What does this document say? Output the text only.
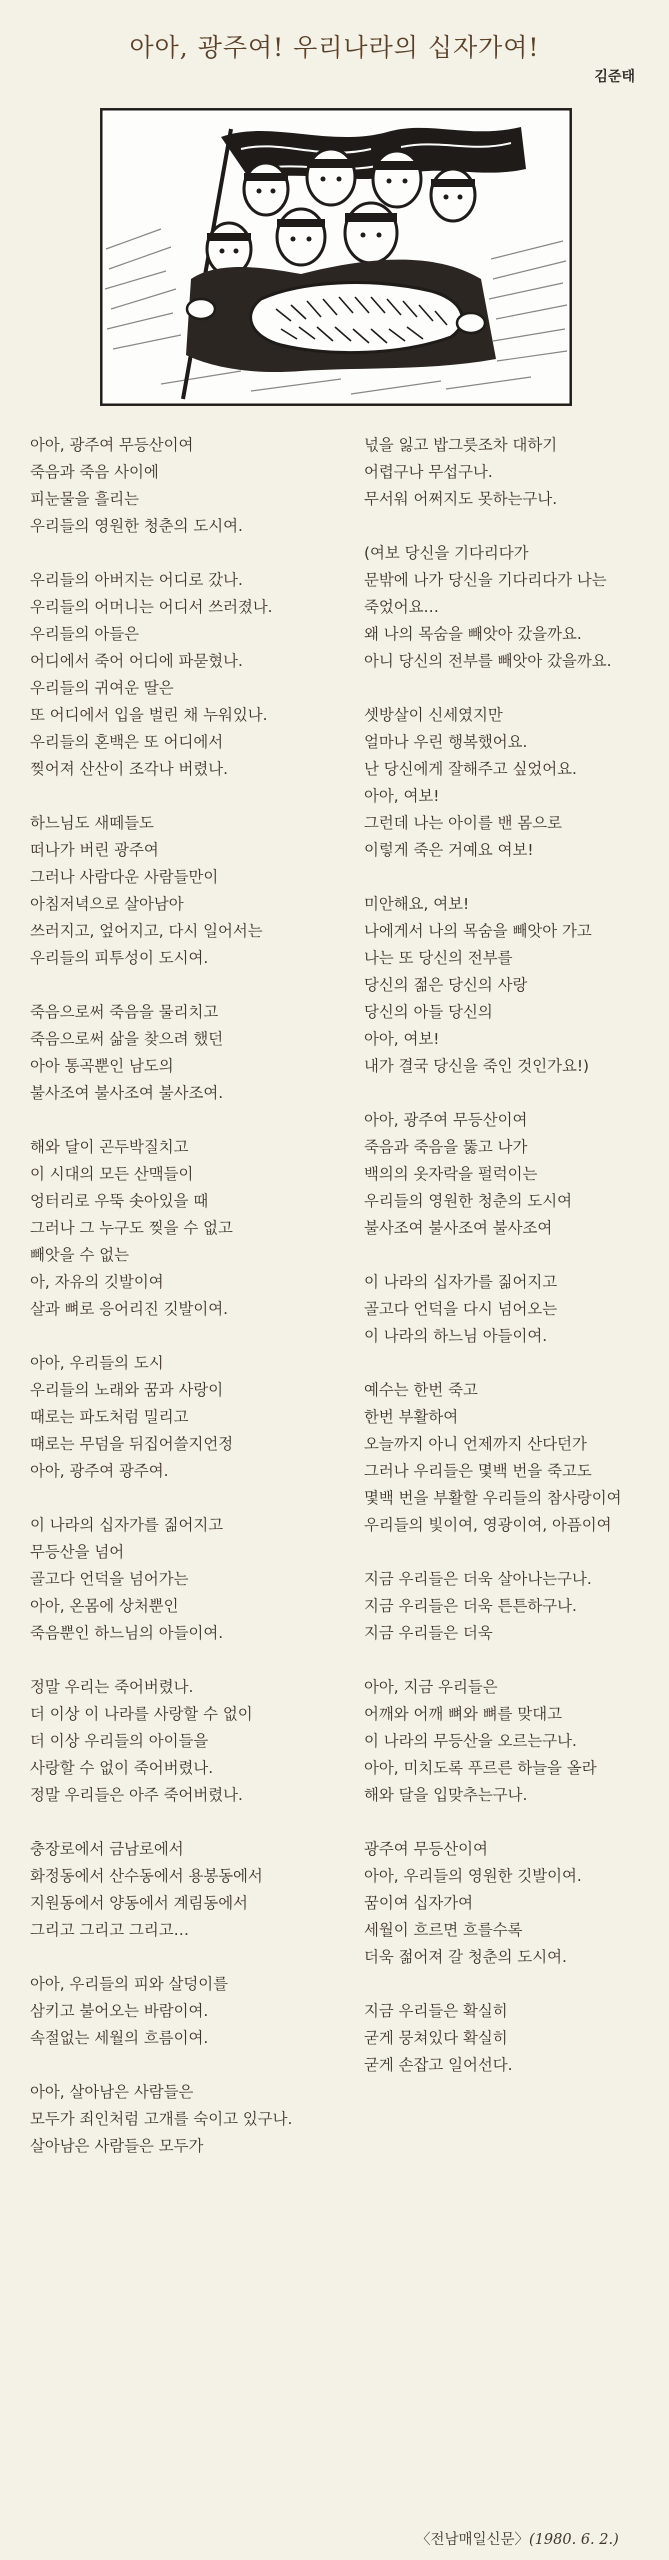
아아, 광주여! 우리나라의 십자가여!
김준태
아아, 광주여 무등산이여
죽음과 죽음 사이에
피눈물을 흘리는
우리들의 영원한 청춘의 도시여.
우리들의 아버지는 어디로 갔나.
우리들의 어머니는 어디서 쓰러졌나.
우리들의 아들은
어디에서 죽어 어디에 파묻혔나.
우리들의 귀여운 딸은
또 어디에서 입을 벌린 채 누워있나.
우리들의 혼백은 또 어디에서
찢어져 산산이 조각나 버렸나.
하느님도 새떼들도
떠나가 버린 광주여
그러나 사람다운 사람들만이
아침저녁으로 살아남아
쓰러지고, 엎어지고, 다시 일어서는
우리들의 피투성이 도시여.
죽음으로써 죽음을 물리치고
죽음으로써 삶을 찾으려 했던
아아 통곡뿐인 남도의
불사조여 불사조여 불사조여.
해와 달이 곤두박질치고
이 시대의 모든 산맥들이
엉터리로 우뚝 솟아있을 때
그러나 그 누구도 찢을 수 없고
빼앗을 수 없는
아, 자유의 깃발이여
살과 뼈로 응어리진 깃발이여.
아아, 우리들의 도시
우리들의 노래와 꿈과 사랑이
때로는 파도처럼 밀리고
때로는 무덤을 뒤집어쓸지언정
아아, 광주여 광주여.
이 나라의 십자가를 짊어지고
무등산을 넘어
골고다 언덕을 넘어가는
아아, 온몸에 상처뿐인
죽음뿐인 하느님의 아들이여.
정말 우리는 죽어버렸나.
더 이상 이 나라를 사랑할 수 없이
더 이상 우리들의 아이들을
사랑할 수 없이 죽어버렸나.
정말 우리들은 아주 죽어버렸나.
충장로에서 금남로에서
화정동에서 산수동에서 용봉동에서
지원동에서 양동에서 계림동에서
그리고 그리고 그리고…
아아, 우리들의 피와 살덩이를
삼키고 불어오는 바람이여.
속절없는 세월의 흐름이여.
아아, 살아남은 사람들은
모두가 죄인처럼 고개를 숙이고 있구나.
살아남은 사람들은 모두가
넋을 잃고 밥그릇조차 대하기
어렵구나 무섭구나.
무서워 어쩌지도 못하는구나.
(여보 당신을 기다리다가
문밖에 나가 당신을 기다리다가 나는
죽었어요…
왜 나의 목숨을 빼앗아 갔을까요.
아니 당신의 전부를 빼앗아 갔을까요.
셋방살이 신세였지만
얼마나 우린 행복했어요.
난 당신에게 잘해주고 싶었어요.
아아, 여보!
그런데 나는 아이를 밴 몸으로
이렇게 죽은 거예요 여보!
미안해요, 여보!
나에게서 나의 목숨을 빼앗아 가고
나는 또 당신의 전부를
당신의 젊은 당신의 사랑
당신의 아들 당신의
아아, 여보!
내가 결국 당신을 죽인 것인가요!)
아아, 광주여 무등산이여
죽음과 죽음을 뚫고 나가
백의의 옷자락을 펄럭이는
우리들의 영원한 청춘의 도시여
불사조여 불사조여 불사조여
이 나라의 십자가를 짊어지고
골고다 언덕을 다시 넘어오는
이 나라의 하느님 아들이여.
예수는 한번 죽고
한번 부활하여
오늘까지 아니 언제까지 산다던가
그러나 우리들은 몇백 번을 죽고도
몇백 번을 부활할 우리들의 참사랑이여
우리들의 빛이여, 영광이여, 아픔이여
지금 우리들은 더욱 살아나는구나.
지금 우리들은 더욱 튼튼하구나.
지금 우리들은 더욱
아아, 지금 우리들은
어깨와 어깨 뼈와 뼈를 맞대고
이 나라의 무등산을 오르는구나.
아아, 미치도록 푸르른 하늘을 올라
해와 달을 입맞추는구나.
광주여 무등산이여
아아, 우리들의 영원한 깃발이여.
꿈이여 십자가여
세월이 흐르면 흐를수록
더욱 젊어져 갈 청춘의 도시여.
지금 우리들은 확실히
굳게 뭉쳐있다 확실히
굳게 손잡고 일어선다.
〈전남매일신문〉(1980. 6. 2.)
